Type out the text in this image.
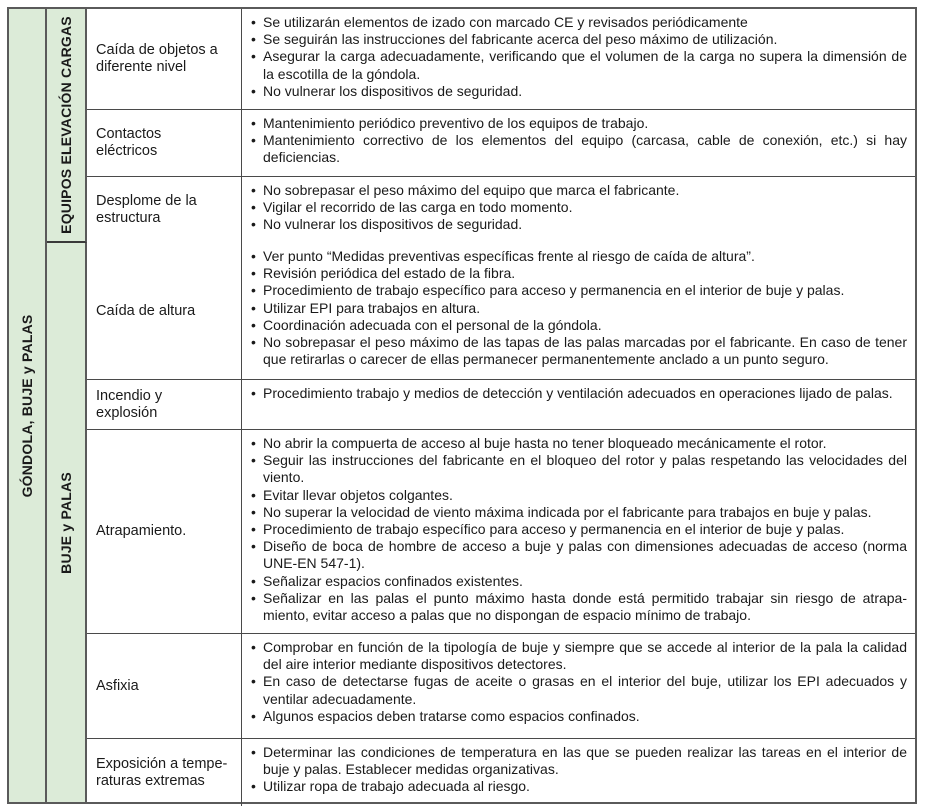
GÓNDOLA, BUJE y PALAS
EQUIPOS ELEVACIÓN CARGAS
BUJE y PALAS
Caída de objetos a diferente nivel
• Se utilizarán elementos de izado con marcado CE y revisados periódicamente
• Se seguirán las instrucciones del fabricante acerca del peso máximo de utilización.
• Asegurar la carga adecuadamente, verificando que el volumen de la carga no supera la dimensión de la escotilla de la góndola.
• No vulnerar los dispositivos de seguridad.
Contactos eléctricos
• Mantenimiento periódico preventivo de los equipos de trabajo.
• Mantenimiento correctivo de los elementos del equipo (carcasa, cable de conexión, etc.) si hay deficiencias.
Desplome de la estructura
• No sobrepasar el peso máximo del equipo que marca el fabricante.
• Vigilar el recorrido de las carga en todo momento.
• No vulnerar los dispositivos de seguridad.
Caída de altura
• Ver punto “Medidas preventivas específicas frente al riesgo de caída de altura”.
• Revisión periódica del estado de la fibra.
• Procedimiento de trabajo específico para acceso y permanencia en el interior de buje y palas.
• Utilizar EPI para trabajos en altura.
• Coordinación adecuada con el personal de la góndola.
• No sobrepasar el peso máximo de las tapas de las palas marcadas por el fabricante. En caso de tener que retirarlas o carecer de ellas permanecer permanentemente anclado a un punto seguro.
Incendio y explosión
• Procedimiento trabajo y medios de detección y ventilación adecuados en operaciones lijado de palas.
Atrapamiento.
• No abrir la compuerta de acceso al buje hasta no tener bloqueado mecánicamente el rotor.
• Seguir las instrucciones del fabricante en el bloqueo del rotor y palas respetando las velocidades del viento.
• Evitar llevar objetos colgantes.
• No superar la velocidad de viento máxima indicada por el fabricante para trabajos en buje y palas.
• Procedimiento de trabajo específico para acceso y permanencia en el interior de buje y palas.
• Diseño de boca de hombre de acceso a buje y palas con dimensiones adecuadas de acceso (norma UNE-EN 547-1).
• Señalizar espacios confinados existentes.
• Señalizar en las palas el punto máximo hasta donde está permitido trabajar sin riesgo de atrapa-miento, evitar acceso a palas que no dispongan de espacio mínimo de trabajo.
Asfixia
• Comprobar en función de la tipología de buje y siempre que se accede al interior de la pala la calidad del aire interior mediante dispositivos detectores.
• En caso de detectarse fugas de aceite o grasas en el interior del buje, utilizar los EPI adecuados y ventilar adecuadamente.
• Algunos espacios deben tratarse como espacios confinados.
Exposición a tempe-raturas extremas
• Determinar las condiciones de temperatura en las que se pueden realizar las tareas en el interior de buje y palas. Establecer medidas organizativas.
• Utilizar ropa de trabajo adecuada al riesgo.
